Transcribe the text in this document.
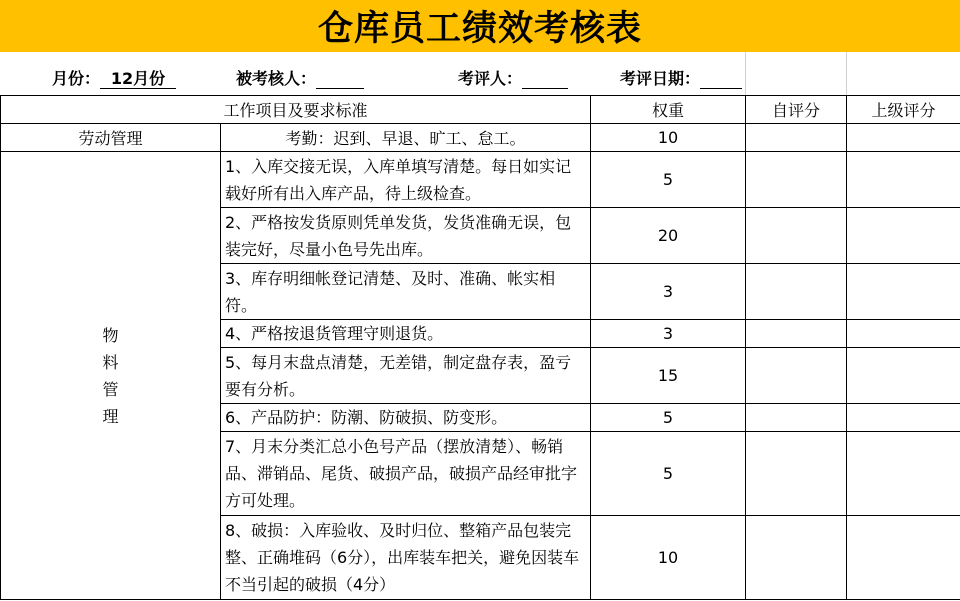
仓库员工绩效考核表
月份： 12月份	被考核人：	考评人：	考评日期：
工作项目及要求标准		权重	自评分	上级评分
劳动管理	考勤：迟到、早退、旷工、怠工。	10		

物
料
管
理	1、入库交接无误，入库单填写清楚。每日如实记载好所有出入库产品，待上级检查。	5		
	2、严格按发货原则凭单发货，发货准确无误，包装完好，尽量小色号先出库。	20		
	3、库存明细帐登记清楚、及时、准确、帐实相符。	3		
	4、严格按退货管理守则退货。	3		
	5、每月末盘点清楚，无差错，制定盘存表，盈亏要有分析。	15		
	6、产品防护：防潮、防破损、防变形。	5		
	7、月末分类汇总小色号产品（摆放清楚）、畅销品、滞销品、尾货、破损产品，破损产品经审批字方可处理。	5		
	8、破损：入库验收、及时归位、整箱产品包装完整、正确堆码（6分），出库装车把关，避免因装车不当引起的破损（4分）	10		
